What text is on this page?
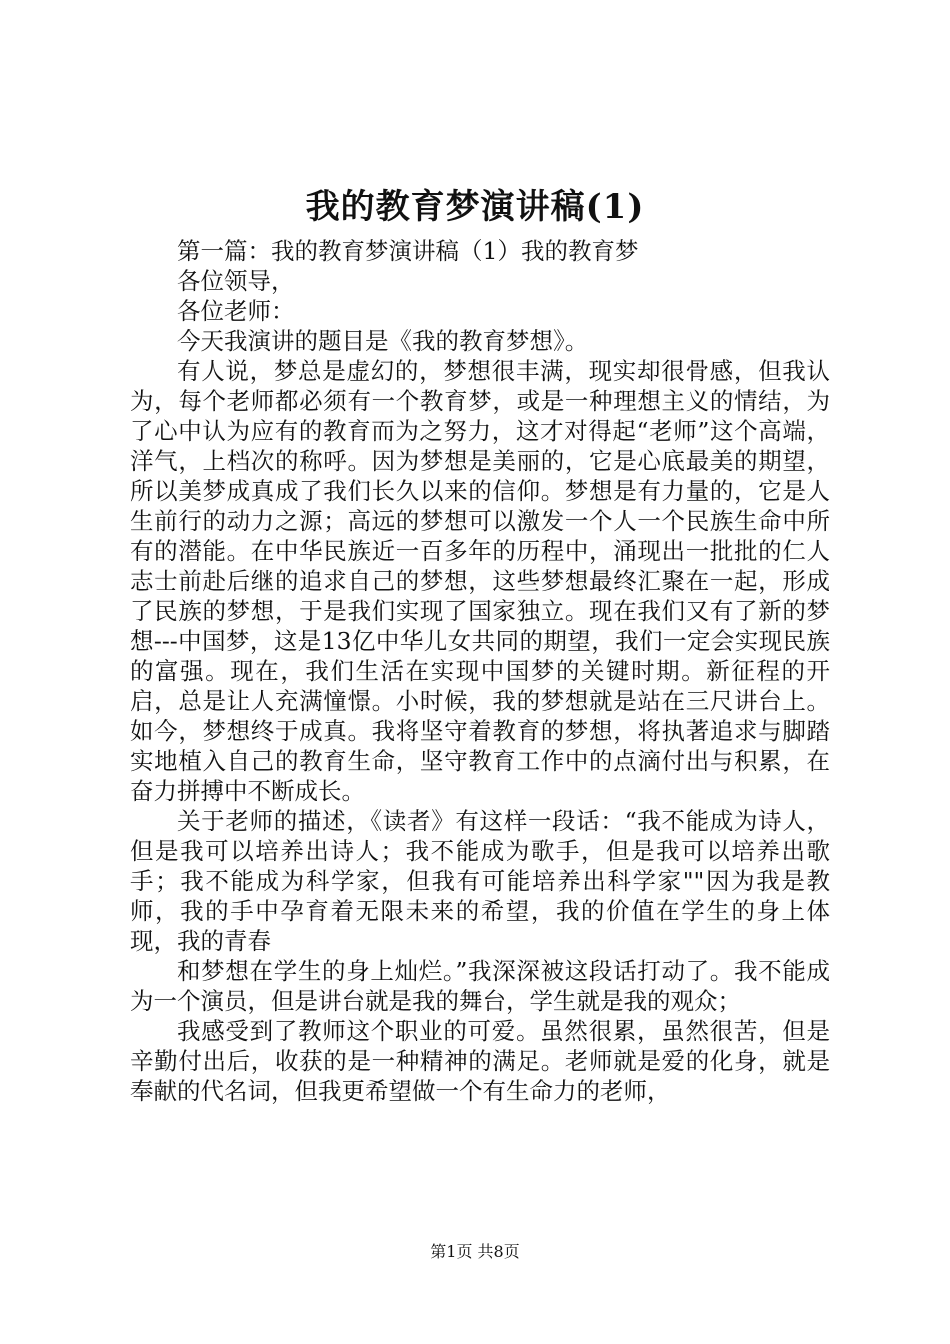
我的教育梦演讲稿(1)

第一篇：我的教育梦演讲稿（1）我的教育梦

各位领导，

各位老师：

今天我演讲的题目是《我的教育梦想》。

有人说，梦总是虚幻的，梦想很丰满，现实却很骨感，但我认为，每个老师都必须有一个教育梦，或是一种理想主义的情结，为了心中认为应有的教育而为之努力，这才对得起“老师”这个高端，洋气，上档次的称呼。因为梦想是美丽的，它是心底最美的期望，所以美梦成真成了我们长久以来的信仰。梦想是有力量的，它是人生前行的动力之源；高远的梦想可以激发一个人一个民族生命中所有的潜能。在中华民族近一百多年的历程中，涌现出一批批的仁人志士前赴后继的追求自己的梦想，这些梦想最终汇聚在一起，形成了民族的梦想，于是我们实现了国家独立。现在我们又有了新的梦想---中国梦，这是13亿中华儿女共同的期望，我们一定会实现民族的富强。现在，我们生活在实现中国梦的关键时期。新征程的开启，总是让人充满憧憬。小时候，我的梦想就是站在三尺讲台上。如今，梦想终于成真。我将坚守着教育的梦想，将执著追求与脚踏实地植入自己的教育生命，坚守教育工作中的点滴付出与积累，在奋力拼搏中不断成长。

关于老师的描述，《读者》有这样一段话：“我不能成为诗人，但是我可以培养出诗人；我不能成为歌手，但是我可以培养出歌手；我不能成为科学家，但我有可能培养出科学家""因为我是教师，我的手中孕育着无限未来的希望，我的价值在学生的身上体现，我的青春

和梦想在学生的身上灿烂。”我深深被这段话打动了。我不能成为一个演员，但是讲台就是我的舞台，学生就是我的观众；

我感受到了教师这个职业的可爱。虽然很累，虽然很苦，但是辛勤付出后，收获的是一种精神的满足。老师就是爱的化身，就是奉献的代名词，但我更希望做一个有生命力的老师，

第1页 共8页
